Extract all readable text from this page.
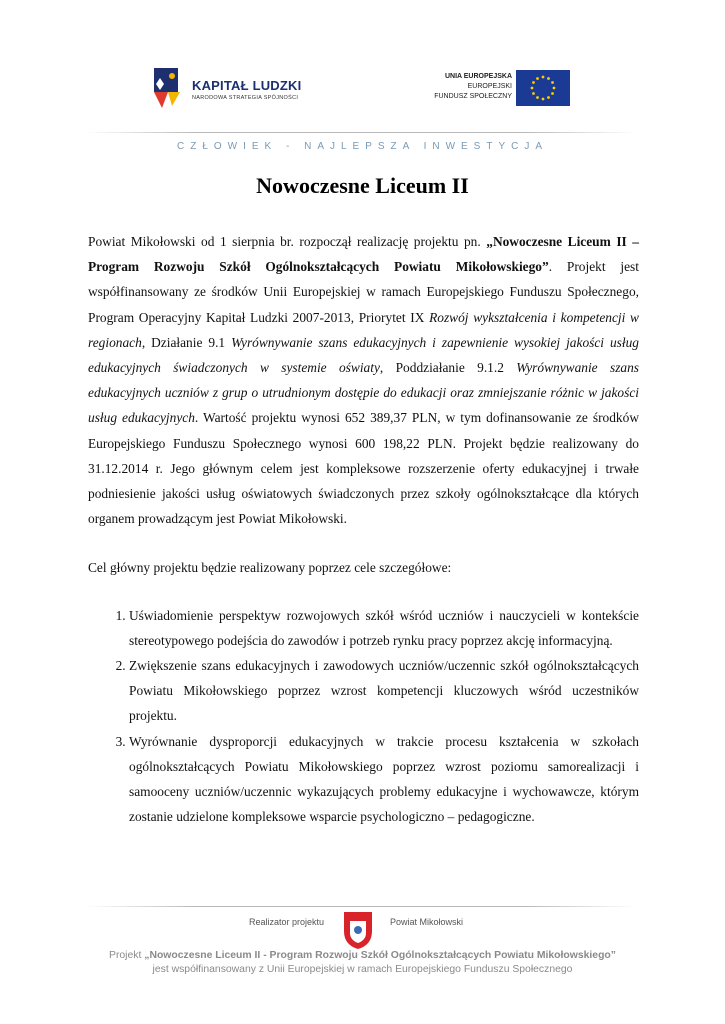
KAPITAŁ LUDZKI
NARODOWA STRATEGIA SPÓJNOŚCI
UNIA EUROPEJSKA
EUROPEJSKI
FUNDUSZ SPOŁECZNY
CZŁOWIEK - NAJLEPSZA INWESTYCJA
Nowoczesne Liceum II

Powiat Mikołowski od 1 sierpnia br. rozpoczął realizację projektu pn. „Nowoczesne Liceum II – Program Rozwoju Szkół Ogólnokształcących Powiatu Mikołowskiego”. Projekt jest współfinansowany ze środków Unii Europejskiej w ramach Europejskiego Funduszu Społecznego, Program Operacyjny Kapitał Ludzki 2007-2013, Priorytet IX Rozwój wykształcenia i kompetencji w regionach, Działanie 9.1 Wyrównywanie szans edukacyjnych i zapewnienie wysokiej jakości usług edukacyjnych świadczonych w systemie oświaty, Poddziałanie 9.1.2 Wyrównywanie szans edukacyjnych uczniów z grup o utrudnionym dostępie do edukacji oraz zmniejszanie różnic w jakości usług edukacyjnych. Wartość projektu wynosi 652 389,37 PLN, w tym dofinansowanie ze środków Europejskiego Funduszu Społecznego wynosi 600 198,22 PLN. Projekt będzie realizowany do 31.12.2014 r. Jego głównym celem jest kompleksowe rozszerzenie oferty edukacyjnej i trwałe podniesienie jakości usług oświatowych świadczonych przez szkoły ogólnokształcące dla których organem prowadzącym jest Powiat Mikołowski.

Cel główny projektu będzie realizowany poprzez cele szczegółowe:

1. Uświadomienie perspektyw rozwojowych szkół wśród uczniów i nauczycieli w kontekście stereotypowego podejścia do zawodów i potrzeb rynku pracy poprzez akcję informacyjną.
2. Zwiększenie szans edukacyjnych i zawodowych uczniów/uczennic szkół ogólnokształcących Powiatu Mikołowskiego poprzez wzrost kompetencji kluczowych wśród uczestników projektu.
3. Wyrównanie dysproporcji edukacyjnych w trakcie procesu kształcenia w szkołach ogólnokształcących Powiatu Mikołowskiego poprzez wzrost poziomu samorealizacji i samooceny uczniów/uczennic wykazujących problemy edukacyjne i wychowawcze, którym zostanie udzielone kompleksowe wsparcie psychologiczno – pedagogiczne.
Realizator projektu	Powiat Mikołowski
Projekt „Nowoczesne Liceum II - Program Rozwoju Szkół Ogólnokształcących Powiatu Mikołowskiego”
jest współfinansowany z Unii Europejskiej w ramach Europejskiego Funduszu Społecznego
